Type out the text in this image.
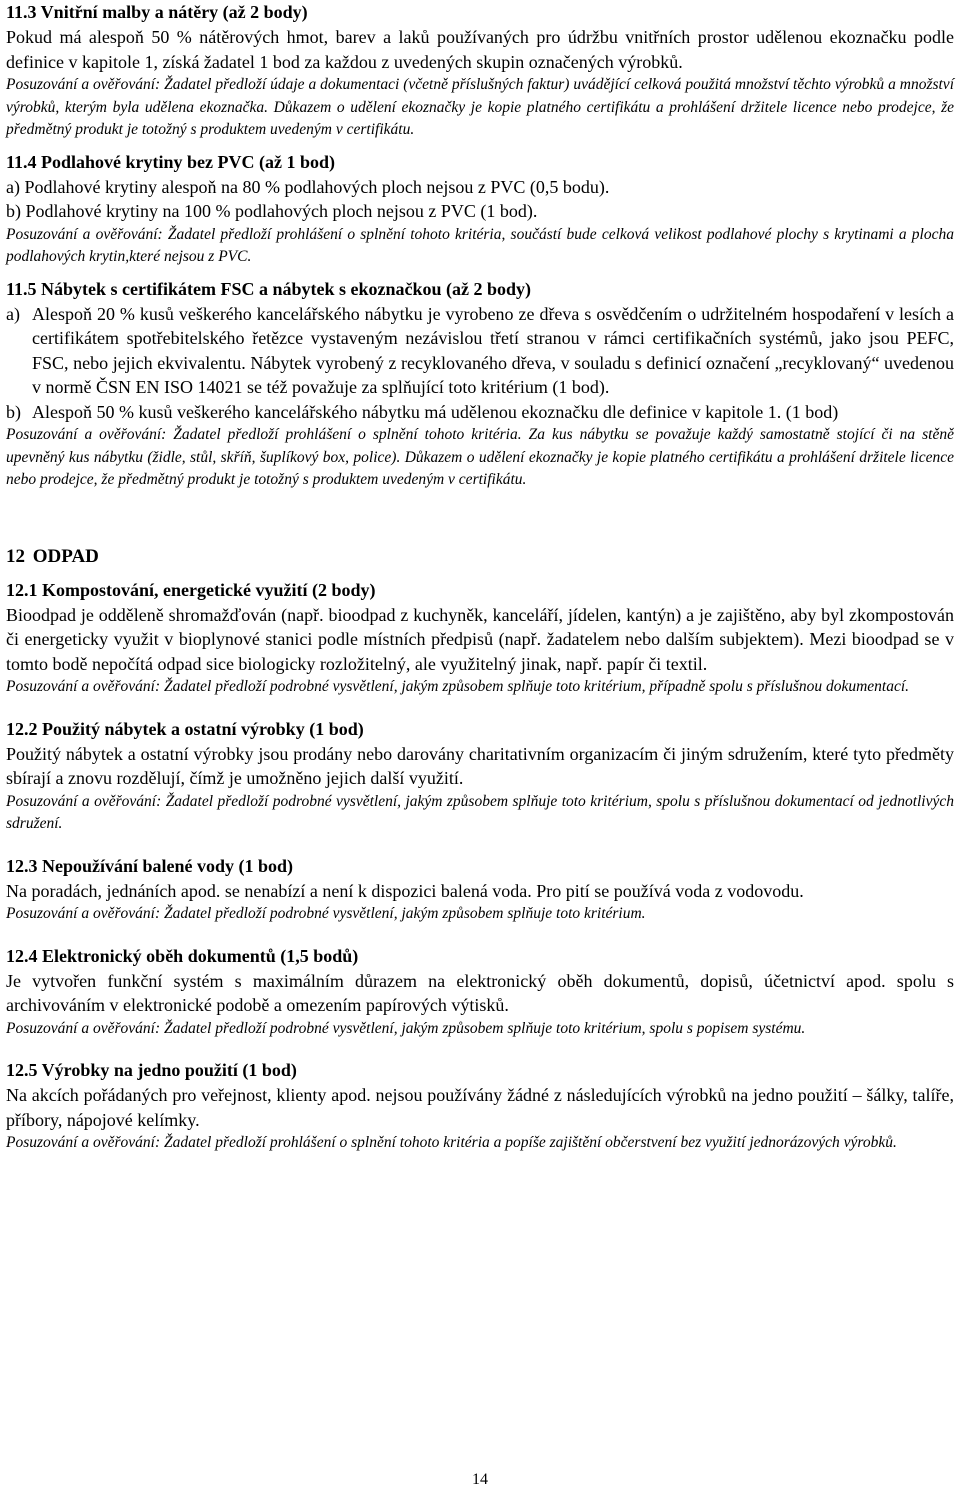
11.3 Vnitřní malby a nátěry (až 2 body)

Pokud má alespoň 50 % nátěrových hmot, barev a laků používaných pro údržbu vnitřních prostor udělenou ekoznačku podle definice v kapitole 1, získá žadatel 1 bod za každou z uvedených skupin označených výrobků.

Posuzování a ověřování: Žadatel předloží údaje a dokumentaci (včetně příslušných faktur) uvádějící celková použitá množství těchto výrobků a množství výrobků, kterým byla udělena ekoznačka. Důkazem o udělení ekoznačky je kopie platného certifikátu a prohlášení držitele licence nebo prodejce, že předmětný produkt je totožný s produktem uvedeným v certifikátu.

11.4 Podlahové krytiny bez PVC (až 1 bod)

a) Podlahové krytiny alespoň na 80 % podlahových ploch nejsou z PVC (0,5 bodu).

b) Podlahové krytiny na 100 % podlahových ploch nejsou z PVC (1 bod).

Posuzování a ověřování: Žadatel předloží prohlášení o splnění tohoto kritéria, součástí bude celková velikost podlahové plochy s krytinami a plocha podlahových krytin,které nejsou z PVC.

11.5 Nábytek s certifikátem FSC a nábytek s ekoznačkou (až 2 body)

a) Alespoň 20 % kusů veškerého kancelářského nábytku je vyrobeno ze dřeva s osvědčením o udržitelném hospodaření v lesích a certifikátem spotřebitelského řetězce vystaveným nezávislou třetí stranou v rámci certifikačních systémů, jako jsou PEFC, FSC, nebo jejich ekvivalentu. Nábytek vyrobený z recyklovaného dřeva, v souladu s definicí označení „recyklovaný“ uvedenou v normě ČSN EN ISO 14021 se též považuje za splňující toto kritérium (1 bod).
b) Alespoň 50 % kusů veškerého kancelářského nábytku má udělenou ekoznačku dle definice v kapitole 1. (1 bod)

Posuzování a ověřování: Žadatel předloží prohlášení o splnění tohoto kritéria. Za kus nábytku se považuje každý samostatně stojící či na stěně upevněný kus nábytku (židle, stůl, skříň, šuplíkový box, police). Důkazem o udělení ekoznačky je kopie platného certifikátu a prohlášení držitele licence nebo prodejce, že předmětný produkt je totožný s produktem uvedeným v certifikátu.

12 ODPAD

12.1 Kompostování, energetické využití (2 body)

Bioodpad je odděleně shromažďován (např. bioodpad z kuchyněk, kanceláří, jídelen, kantýn) a je zajištěno, aby byl zkompostován či energeticky využit v bioplynové stanici podle místních předpisů (např. žadatelem nebo dalším subjektem). Mezi bioodpad se v tomto bodě nepočítá odpad sice biologicky rozložitelný, ale využitelný jinak, např. papír či textil.

Posuzování a ověřování: Žadatel předloží podrobné vysvětlení, jakým způsobem splňuje toto kritérium, případně spolu s příslušnou dokumentací.

12.2 Použitý nábytek a ostatní výrobky (1 bod)

Použitý nábytek a ostatní výrobky jsou prodány nebo darovány charitativním organizacím či jiným sdružením, které tyto předměty sbírají a znovu rozdělují, čímž je umožněno jejich další využití.

Posuzování a ověřování: Žadatel předloží podrobné vysvětlení, jakým způsobem splňuje toto kritérium, spolu s příslušnou dokumentací od jednotlivých sdružení.

12.3 Nepoužívání balené vody (1 bod)

Na poradách, jednáních apod. se nenabízí a není k dispozici balená voda. Pro pití se používá voda z vodovodu.

Posuzování a ověřování: Žadatel předloží podrobné vysvětlení, jakým způsobem splňuje toto kritérium.

12.4 Elektronický oběh dokumentů (1,5 bodů)

Je vytvořen funkční systém s maximálním důrazem na elektronický oběh dokumentů, dopisů, účetnictví apod. spolu s archivováním v elektronické podobě a omezením papírových výtisků.

Posuzování a ověřování: Žadatel předloží podrobné vysvětlení, jakým způsobem splňuje toto kritérium, spolu s popisem systému.

12.5 Výrobky na jedno použití (1 bod)

Na akcích pořádaných pro veřejnost, klienty apod. nejsou používány žádné z následujících výrobků na jedno použití – šálky, talíře, příbory, nápojové kelímky.

Posuzování a ověřování: Žadatel předloží prohlášení o splnění tohoto kritéria a popíše zajištění občerstvení bez využití jednorázových výrobků.

14
